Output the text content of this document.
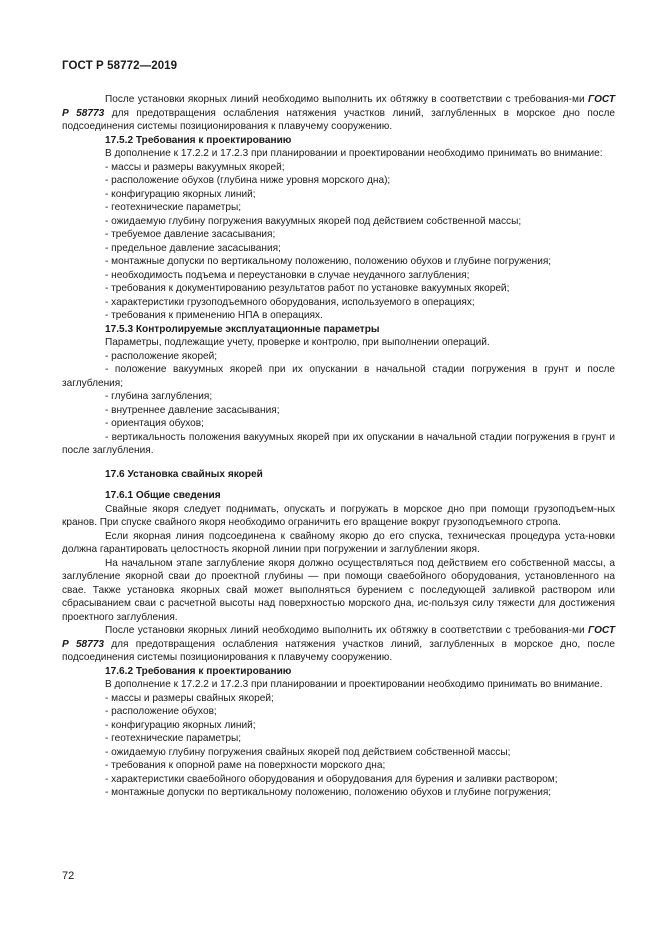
ГОСТ Р 58772—2019
После установки якорных линий необходимо выполнить их обтяжку в соответствии с требования-ми ГОСТ Р 58773 для предотвращения ослабления натяжения участков линий, заглубленных в морское дно после подсоединения системы позиционирования к плавучему сооружению.
17.5.2 Требования к проектированию
В дополнение к 17.2.2 и 17.2.3 при планировании и проектировании необходимо принимать во внимание:
- массы и размеры вакуумных якорей;
- расположение обухов (глубина ниже уровня морского дна);
- конфигурацию якорных линий;
- геотехнические параметры;
- ожидаемую глубину погружения вакуумных якорей под действием собственной массы;
- требуемое давление засасывания;
- предельное давление засасывания;
- монтажные допуски по вертикальному положению, положению обухов и глубине погружения;
- необходимость подъема и переустановки в случае неудачного заглубления;
- требования к документированию результатов работ по установке вакуумных якорей;
- характеристики грузоподъемного оборудования, используемого в операциях;
- требования к применению НПА в операциях.
17.5.3 Контролируемые эксплуатационные параметры
Параметры, подлежащие учету, проверке и контролю, при выполнении операций.
- расположение якорей;
- положение вакуумных якорей при их опускании в начальной стадии погружения в грунт и после заглубления;
- глубина заглубления;
- внутреннее давление засасывания;
- ориентация обухов;
- вертикальность положения вакуумных якорей при их опускании в начальной стадии погружения в грунт и после заглубления.
17.6 Установка свайных якорей
17.6.1 Общие сведения
Свайные якоря следует поднимать, опускать и погружать в морское дно при помощи грузоподъем-ных кранов. При спуске свайного якоря необходимо ограничить его вращение вокруг грузоподъемного стропа.
Если якорная линия подсоединена к свайному якорю до его спуска, техническая процедура уста-новки должна гарантировать целостность якорной линии при погружении и заглублении якоря.
На начальном этапе заглубление якоря должно осуществляться под действием его собственной массы, а заглубление якорной сваи до проектной глубины — при помощи сваебойного оборудования, установленного на свае. Также установка якорных свай может выполняться бурением с последующей заливкой раствором или сбрасыванием сваи с расчетной высоты над поверхностью морского дна, ис-пользуя силу тяжести для достижения проектного заглубления.
После установки якорных линий необходимо выполнить их обтяжку в соответствии с требования-ми ГОСТ Р 58773 для предотвращения ослабления натяжения участков линий, заглубленных в морское дно, после подсоединения системы позиционирования к плавучему сооружению.
17.6.2 Требования к проектированию
В дополнение к 17.2.2 и 17.2.3 при планировании и проектировании необходимо принимать во внимание.
- массы и размеры свайных якорей;
- расположение обухов;
- конфигурацию якорных линий;
- геотехнические параметры;
- ожидаемую глубину погружения свайных якорей под действием собственной массы;
- требования к опорной раме на поверхности морского дна;
- характеристики сваебойного оборудования и оборудования для бурения и заливки раствором;
- монтажные допуски по вертикальному положению, положению обухов и глубине погружения;
72
